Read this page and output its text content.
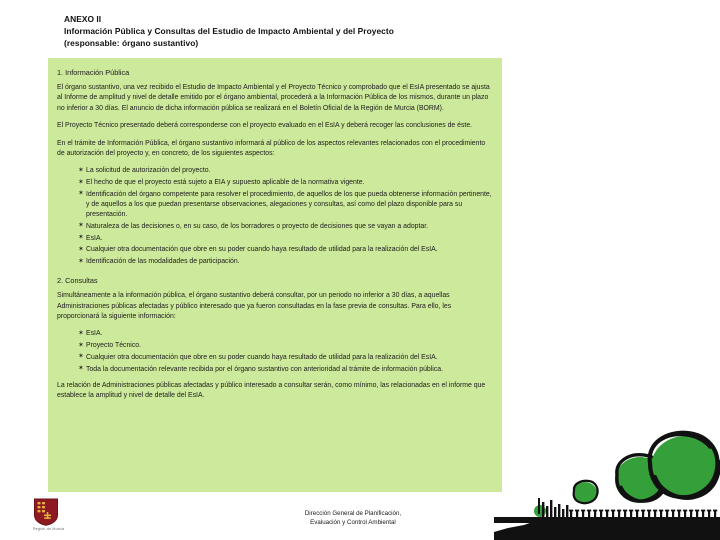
ANEXO II
Información Pública y Consultas del Estudio de Impacto Ambiental y del Proyecto
(responsable: órgano sustantivo)
1. Información Pública

El órgano sustantivo, una vez recibido el Estudio de Impacto Ambiental y el Proyecto Técnico y comprobado que el EsIA presentado se ajusta al Informe de amplitud y nivel de detalle emitido por el órgano ambiental, procederá a la Información Pública de los mismos, durante un plazo no inferior a 30 días. El anuncio de dicha información pública se realizará en el Boletín Oficial de la Región de Murcia (BORM).

El Proyecto Técnico presentado deberá corresponderse con el proyecto evaluado en el EsIA y deberá recoger las conclusiones de éste.

En el trámite de Información Pública, el órgano sustantivo informará al público de los aspectos relevantes relacionados con el procedimiento de autorización del proyecto y, en concreto, de los siguientes aspectos:

✶ La solicitud de autorización del proyecto.
✶ El hecho de que el proyecto está sujeto a EIA y supuesto aplicable de la normativa vigente.
✶ Identificación del órgano competente para resolver el procedimiento, de aquellos de los que pueda obtenerse información pertinente, y de aquellos a los que puedan presentarse observaciones, alegaciones y consultas, así como del plazo disponible para su presentación.
✶ Naturaleza de las decisiones o, en su caso, de los borradores o proyecto de decisiones que se vayan a adoptar.
✶ EsIA.
✶ Cualquier otra documentación que obre en su poder cuando haya resultado de utilidad para la realización del EsIA.
✶ Identificación de las modalidades de participación.
2. Consultas

Simultáneamente a la información pública, el órgano sustantivo deberá consultar, por un periodo no inferior a 30 días, a aquellas Administraciones públicas afectadas y público interesado que ya fueron consultadas en la fase previa de consultas. Para ello, les proporcionará la siguiente información:

✶ EsIA.
✶ Proyecto Técnico.
✶ Cualquier otra documentación que obre en su poder cuando haya resultado de utilidad para la realización del EsIA.
✶ Toda la documentación relevante recibida por el órgano sustantivo con anterioridad al trámite de información pública.

La relación de Administraciones públicas afectadas y público interesado a consultar serán, como mínimo, las relacionadas en el informe que establece la amplitud y nivel de detalle del EsIA.

Dirección General de Planificación,
Evaluación y Control Ambiental
Región de Murcia
